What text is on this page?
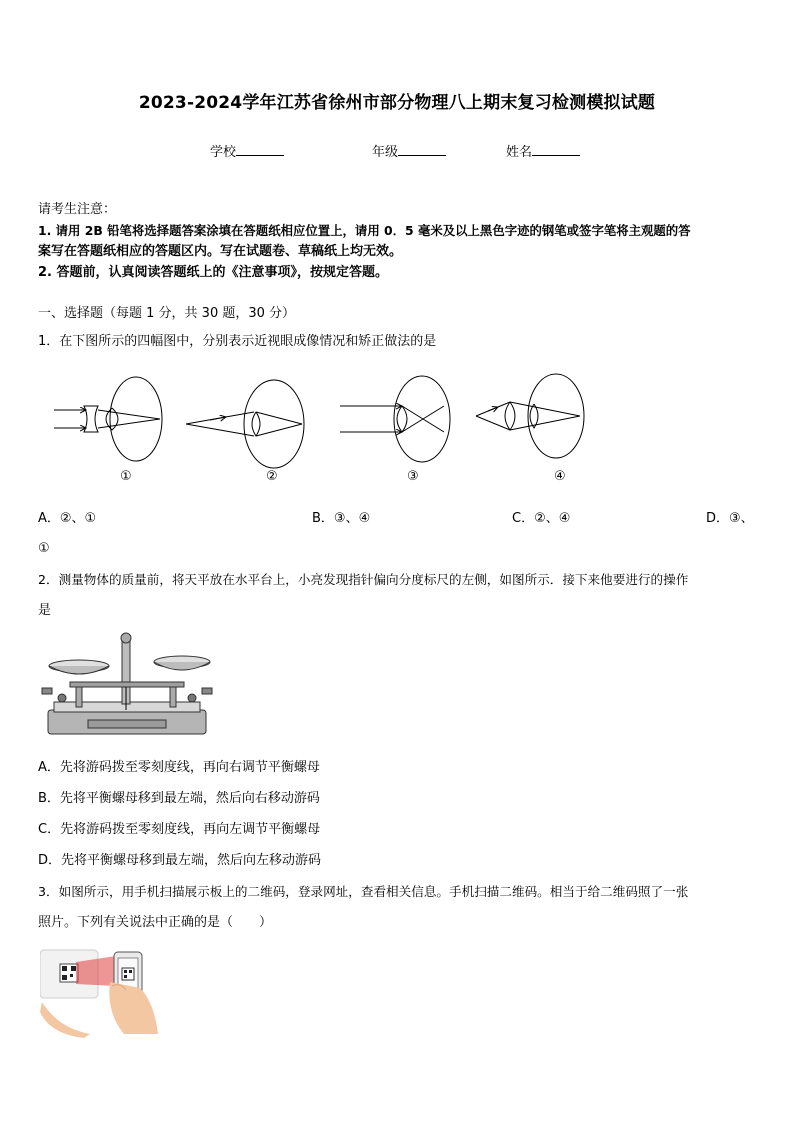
2023-2024学年江苏省徐州市部分物理八上期末复习检测模拟试题
学校	年级	姓名
请考生注意：
1. 请用 2B 铅笔将选择题答案涂填在答题纸相应位置上，请用 0．5 毫米及以上黑色字迹的钢笔或签字笔将主观题的答
案写在答题纸相应的答题区内。写在试题卷、草稿纸上均无效。
2. 答题前，认真阅读答题纸上的《注意事项》，按规定答题。
一、选择题（每题 1 分，共 30 题，30 分）
1．在下图所示的四幅图中，分别表示近视眼成像情况和矫正做法的是
①	②	③	④
A．②、①	B．③、④	C．②、④	D．③、
①
2．测量物体的质量前，将天平放在水平台上，小亮发现指针偏向分度标尺的左侧，如图所示．接下来他要进行的操作
是
A．先将游码拨至零刻度线，再向右调节平衡螺母
B．先将平衡螺母移到最左端，然后向右移动游码
C．先将游码拨至零刻度线，再向左调节平衡螺母
D．先将平衡螺母移到最左端，然后向左移动游码
3．如图所示，用手机扫描展示板上的二维码，登录网址，查看相关信息。手机扫描二维码。相当于给二维码照了一张
照片。下列有关说法中正确的是（　　）
